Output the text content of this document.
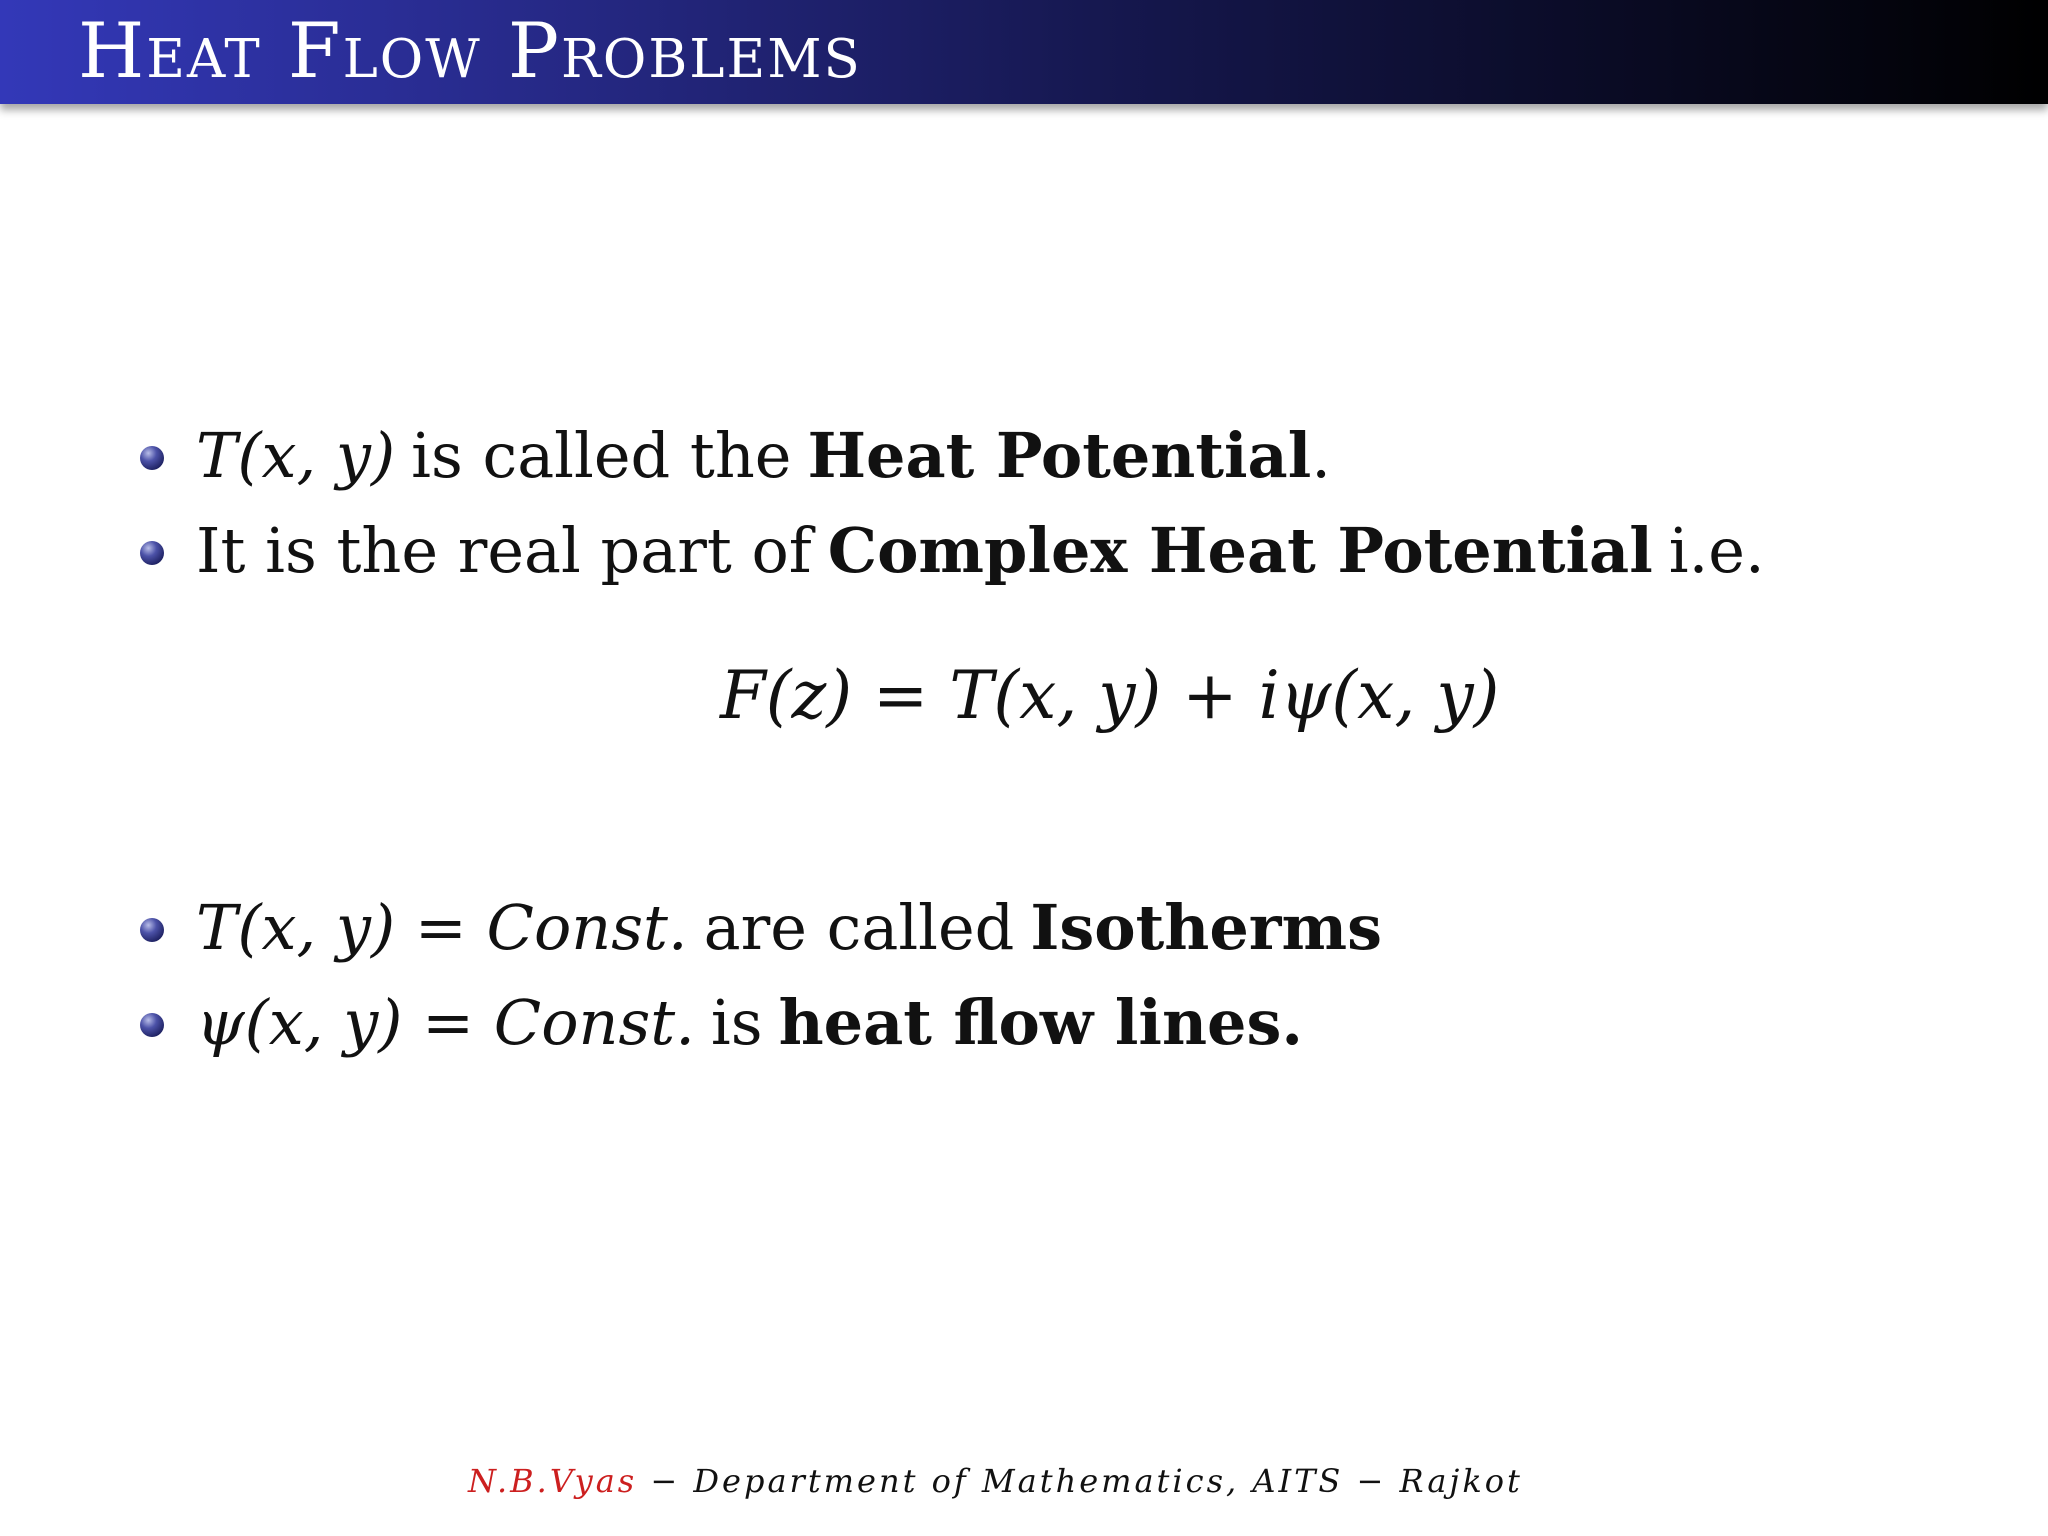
Heat Flow Problems
T(x, y) is called the Heat Potential .
It is the real part of Complex Heat Potential i.e.
F(z) = T(x, y) + iψ(x, y)
T(x, y) = Const. are called Isotherms
ψ(x, y) = Const. is heat flow lines.
N.B.Vyas − Department of Mathematics, AITS − Rajkot
